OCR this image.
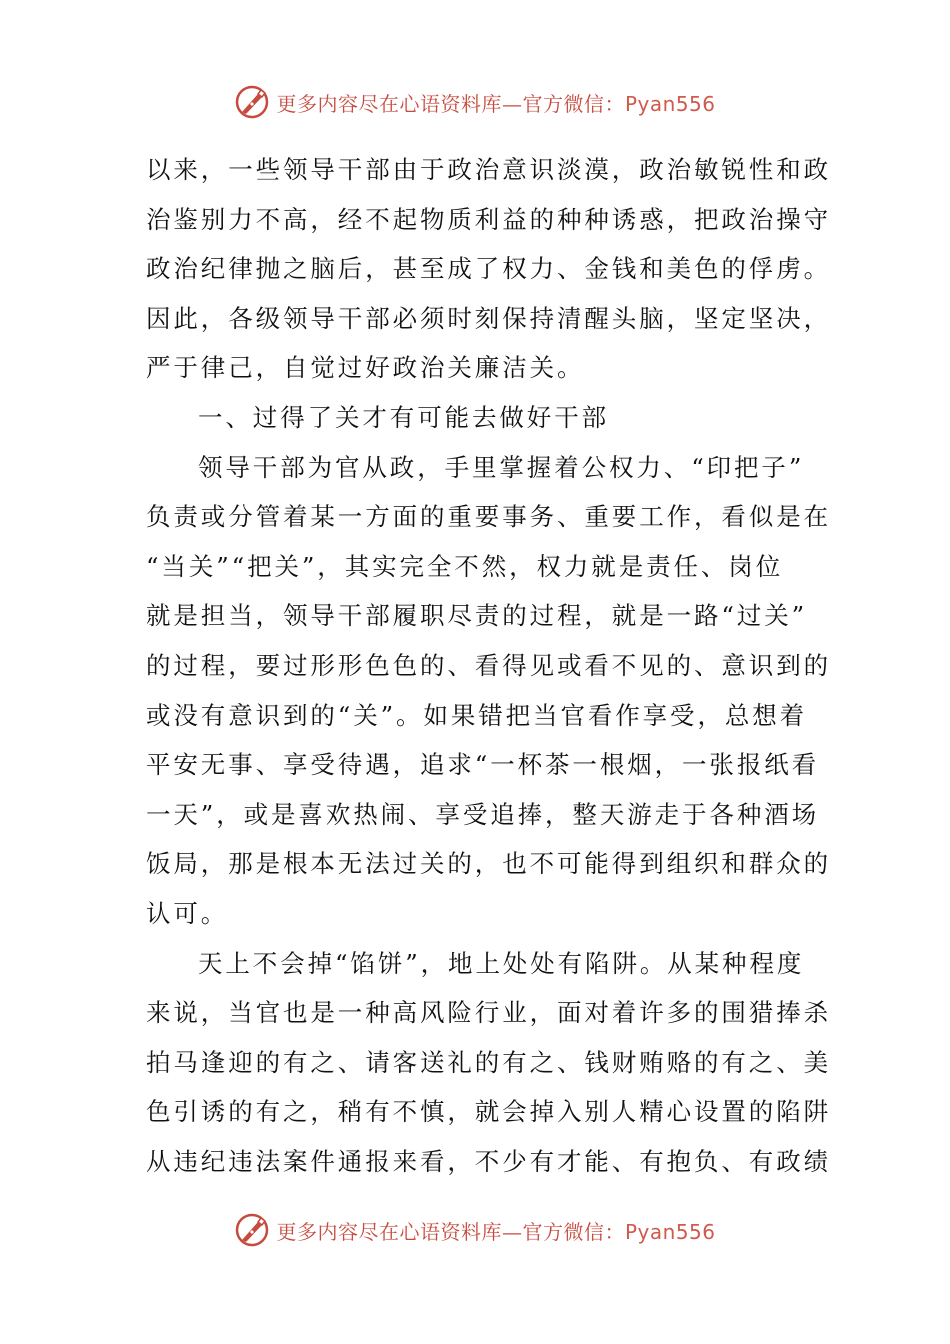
更多内容尽在心语资料库—官方微信：Pyan556
以来，一些领导干部由于政治意识淡漠，政治敏锐性和政
治鉴别力不高，经不起物质利益的种种诱惑，把政治操守
政治纪律抛之脑后，甚至成了权力、金钱和美色的俘虏。
因此，各级领导干部必须时刻保持清醒头脑，坚定坚决，
严于律己，自觉过好政治关廉洁关。
一、过得了关才有可能去做好干部
领导干部为官从政，手里掌握着公权力、“印把子”
负责或分管着某一方面的重要事务、重要工作，看似是在
“当关”“把关”，其实完全不然，权力就是责任、岗位
就是担当，领导干部履职尽责的过程，就是一路“过关”
的过程，要过形形色色的、看得见或看不见的、意识到的
或没有意识到的“关”。如果错把当官看作享受，总想着
平安无事、享受待遇，追求“一杯茶一根烟，一张报纸看
一天”，或是喜欢热闹、享受追捧，整天游走于各种酒场
饭局，那是根本无法过关的，也不可能得到组织和群众的
认可。
天上不会掉“馅饼”，地上处处有陷阱。从某种程度
来说，当官也是一种高风险行业，面对着许多的围猎捧杀
拍马逢迎的有之、请客送礼的有之、钱财贿赂的有之、美
色引诱的有之，稍有不慎，就会掉入别人精心设置的陷阱
从违纪违法案件通报来看，不少有才能、有抱负、有政绩
更多内容尽在心语资料库—官方微信：Pyan556
